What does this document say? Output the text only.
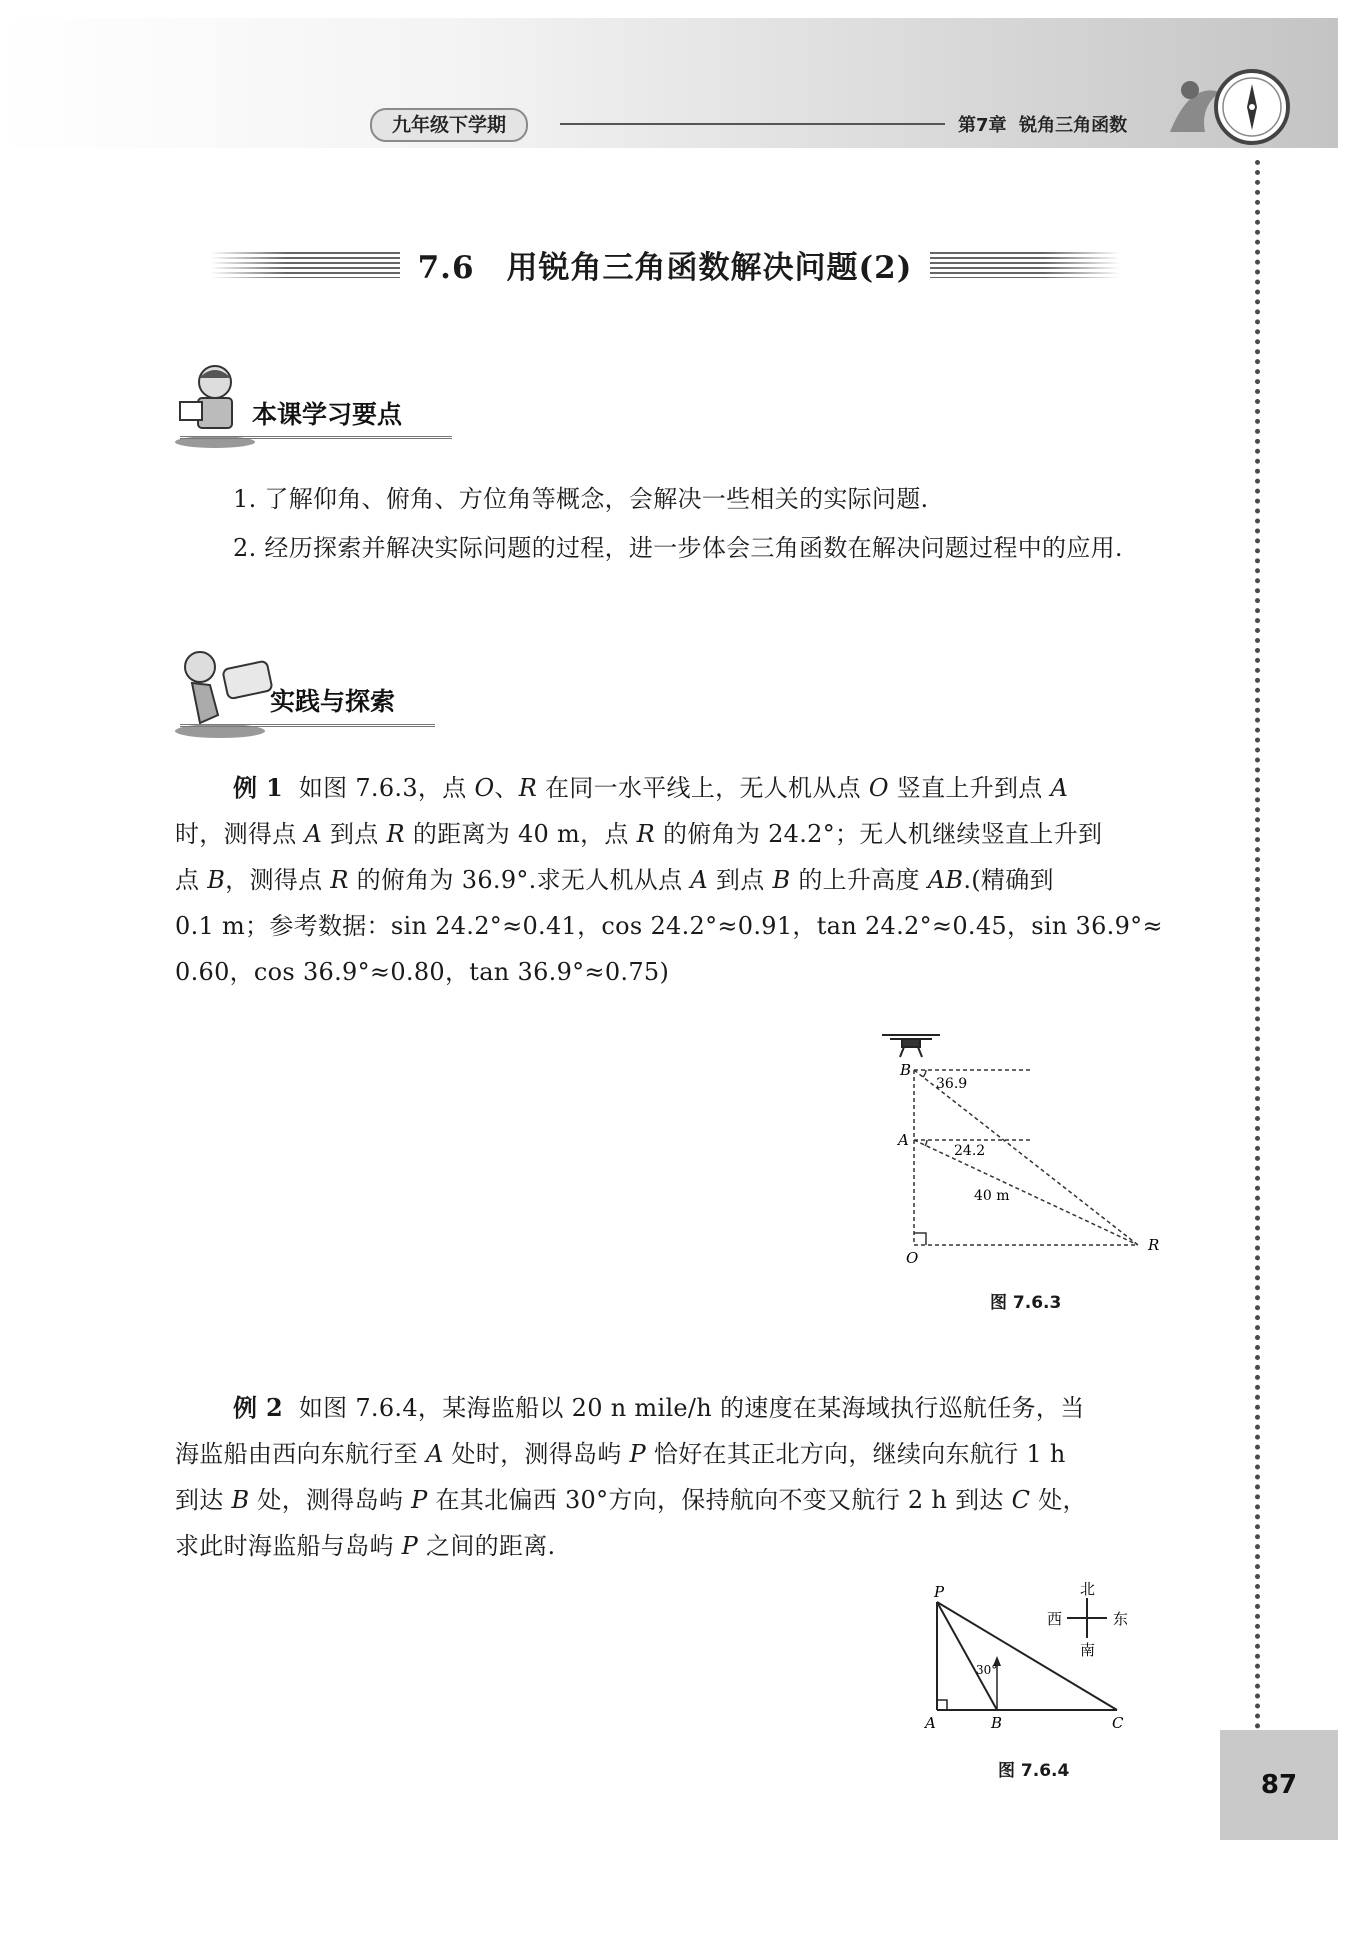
九年级下学期	第7章 锐角三角函数
87
7.6　用锐角三角函数解决问题(2)
本课学习要点
1. 了解仰角、俯角、方位角等概念，会解决一些相关的实际问题.
2. 经历探索并解决实际问题的过程，进一步体会三角函数在解决问题过程中的应用.
实践与探索
例 1 如图 7.6.3，点 O、R 在同一水平线上，无人机从点 O 竖直上升到点 A
时，测得点 A 到点 R 的距离为 40 m，点 R 的俯角为 24.2°；无人机继续竖直上升到
点 B，测得点 R 的俯角为 36.9°.求无人机从点 A 到点 B 的上升高度 AB.(精确到
0.1 m；参考数据：sin 24.2°≈0.41，cos 24.2°≈0.91，tan 24.2°≈0.45，sin 36.9°≈
0.60，cos 36.9°≈0.80，tan 36.9°≈0.75)
B
A
O
R
36.9
24.2
40 m
图 7.6.3
例 2 如图 7.6.4，某海监船以 20 n mile/h 的速度在某海域执行巡航任务，当
海监船由西向东航行至 A 处时，测得岛屿 P 恰好在其正北方向，继续向东航行 1 h
到达 B 处，测得岛屿 P 在其北偏西 30°方向，保持航向不变又航行 2 h 到达 C 处，
求此时海监船与岛屿 P 之间的距离.
P
A	B	C
30°
北
南
西	东
图 7.6.4
